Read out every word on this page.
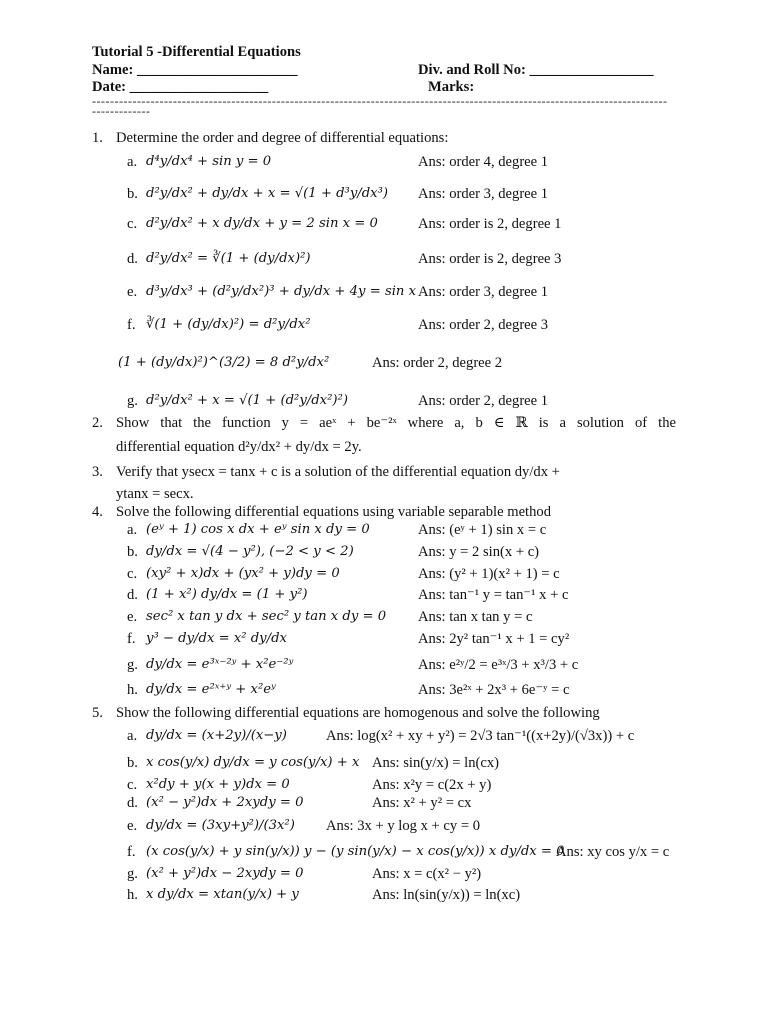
Tutorial 5 -Differential Equations
Name: ______________________	Div. and Roll No: _________________
Date: ___________________	Marks:
---------------------------------------------------------------------------------------------------------------------------------------------
1. Determine the order and degree of differential equations:
a. d⁴y/dx⁴ + sin y = 0	Ans: order 4, degree 1
b. d²y/dx² + dy/dx + x = √(1 + d³y/dx³) Ans: order 3, degree 1
c. d²y/dx² + x dy/dx + y = 2 sin x = 0	Ans: order is 2, degree 1
d. d²y/dx² = ∛(1 + (dy/dx)²)	Ans: order is 2, degree 3
e. d³y/dx³ + (d²y/dx²)³ + dy/dx + 4y = sin x Ans: order 3, degree 1
f. ∛(1 + (dy/dx)²) = d²y/dx²	Ans: order 2, degree 3
(1 + (dy/dx)²)^(3/2) = 8 d²y/dx²	Ans: order 2, degree 2
g. d²y/dx² + x = √(1 + (d²y/dx²)²)	Ans: order 2, degree 1
2. Show that the function y = aeˣ + be⁻²ˣ where a, b ∈ ℝ is a solution of the
differential equation d²y/dx² + dy/dx = 2y.
3. Verify that ysecx = tanx + c is a solution of the differential equation dy/dx +
ytanx = secx.
4. Solve the following differential equations using variable separable method
a. (eʸ + 1) cos x dx + eʸ sin x dy = 0	Ans: (eʸ + 1) sin x = c
b. dy/dx = √(4 − y²), (−2 < y < 2)	Ans: y = 2 sin(x + c)
c. (xy² + x)dx + (yx² + y)dy = 0	Ans: (y² + 1)(x² + 1) = c
d. (1 + x²) dy/dx = (1 + y²)	Ans: tan⁻¹ y = tan⁻¹ x + c
e. sec² x tan y dx + sec² y tan x dy = 0 Ans: tan x tan y = c
f. y³ − dy/dx = x² dy/dx	Ans: 2y² tan⁻¹ x + 1 = cy²
g. dy/dx = e³ˣ⁻²ʸ + x²e⁻²ʸ	Ans: e²ʸ/2 = e³ˣ/3 + x³/3 + c
h. dy/dx = e²ˣ⁺ʸ + x²eʸ	Ans: 3e²ˣ + 2x³ + 6e⁻ʸ = c
5. Show the following differential equations are homogenous and solve the following
a. dy/dx = (x+2y)/(x−y)	Ans: log(x² + xy + y²) = 2√3 tan⁻¹((x+2y)/(√3x)) + c
b. x cos(y/x) dy/dx = y cos(y/x) + x Ans: sin(y/x) = ln(cx)
c. x²dy + y(x + y)dx = 0	Ans: x²y = c(2x + y)
d. (x² − y²)dx + 2xydy = 0	Ans: x² + y² = cx
e. dy/dx = (3xy+y²)/(3x²) Ans: 3x + y log x + cy = 0
f. (x cos(y/x) + y sin(y/x)) y − (y sin(y/x) − x cos(y/x)) x dy/dx = 0
Ans: xy cos y/x = c
g. (x² + y²)dx − 2xydy = 0	Ans: x = c(x² − y²)
h. x dy/dx = xtan(y/x) + y	Ans: ln(sin(y/x)) = ln(xc)
